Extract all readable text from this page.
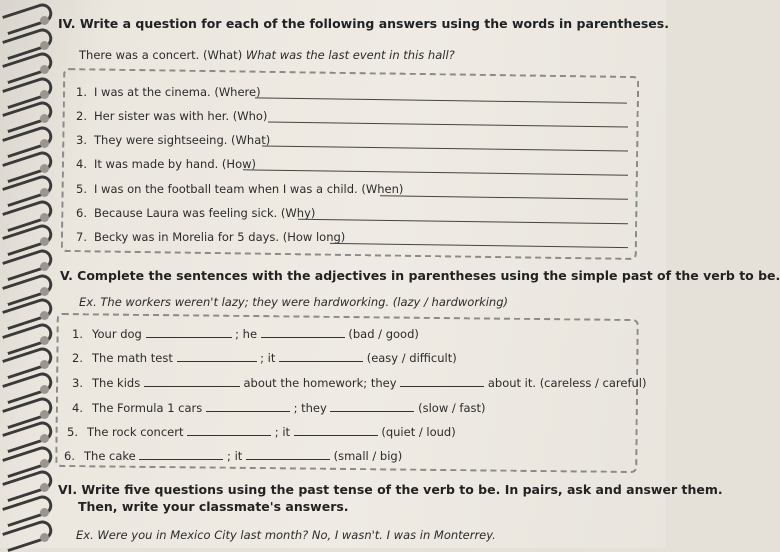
IV. Write a question for each of the following answers using the words in parentheses.
There was a concert. (What) What was the last event in this hall?
1. I was at the cinema. (Where)
2. Her sister was with her. (Who)
3. They were sightseeing. (What)
4. It was made by hand. (How)
5. I was on the football team when I was a child. (When)
6. Because Laura was feeling sick. (Why)
7. Becky was in Morelia for 5 days. (How long)
V. Complete the sentences with the adjectives in parentheses using the simple past of the verb to be.
Ex. The workers weren't lazy; they were hardworking. (lazy / hardworking)
1. Your dog	; he	(bad / good)
2. The math test	; it	(easy / difficult)
3. The kids	about the homework; they	about it. (careless / careful)
4. The Formula 1 cars	; they	(slow / fast)
5. The rock concert	; it	(quiet / loud)
6. The cake	; it	(small / big)
VI. Write five questions using the past tense of the verb to be. In pairs, ask and answer them.
Then, write your classmate's answers.
Ex. Were you in Mexico City last month? No, I wasn't. I was in Monterrey.
